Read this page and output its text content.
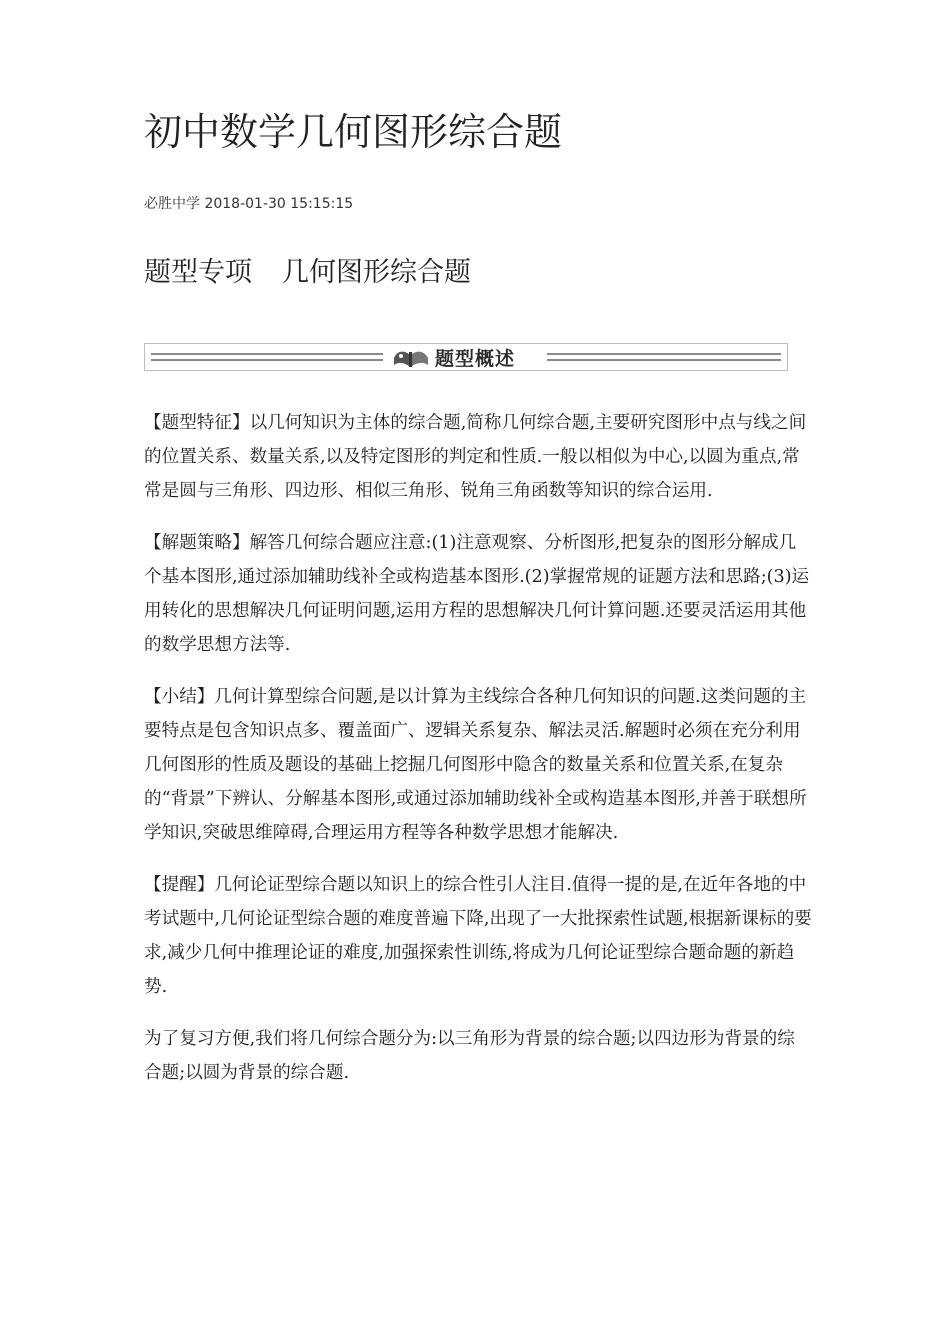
初中数学几何图形综合题
必胜中学 2018-01-30 15:15:15
题型专项 几何图形综合题
题型概述

【题型特征】以几何知识为主体的综合题,简称几何综合题,主要研究图形中点与线之间的位置关系、数量关系,以及特定图形的判定和性质.一般以相似为中心,以圆为重点,常常是圆与三角形、四边形、相似三角形、锐角三角函数等知识的综合运用.

【解题策略】解答几何综合题应注意:(1)注意观察、分析图形,把复杂的图形分解成几个基本图形,通过添加辅助线补全或构造基本图形.(2)掌握常规的证题方法和思路;(3)运用转化的思想解决几何证明问题,运用方程的思想解决几何计算问题.还要灵活运用其他的数学思想方法等.

【小结】几何计算型综合问题,是以计算为主线综合各种几何知识的问题.这类问题的主要特点是包含知识点多、覆盖面广、逻辑关系复杂、解法灵活.解题时必须在充分利用几何图形的性质及题设的基础上挖掘几何图形中隐含的数量关系和位置关系,在复杂的“背景”下辨认、分解基本图形,或通过添加辅助线补全或构造基本图形,并善于联想所学知识,突破思维障碍,合理运用方程等各种数学思想才能解决.

【提醒】几何论证型综合题以知识上的综合性引人注目.值得一提的是,在近年各地的中考试题中,几何论证型综合题的难度普遍下降,出现了一大批探索性试题,根据新课标的要求,减少几何中推理论证的难度,加强探索性训练,将成为几何论证型综合题命题的新趋势.

为了复习方便,我们将几何综合题分为:以三角形为背景的综合题;以四边形为背景的综合题;以圆为背景的综合题.
